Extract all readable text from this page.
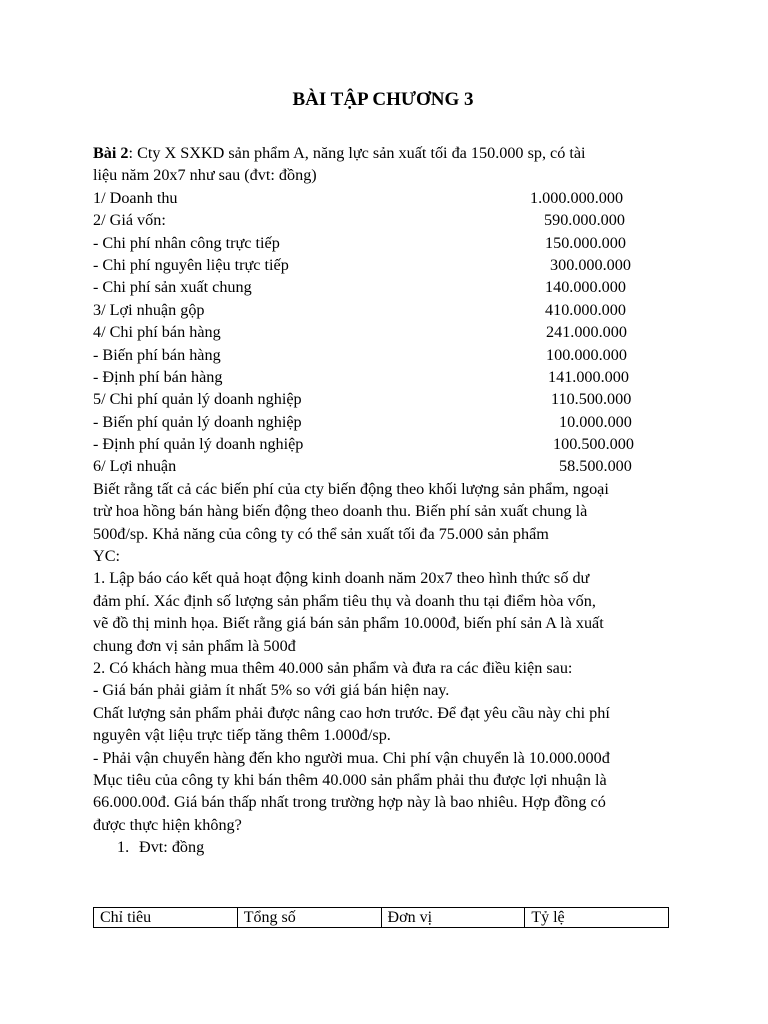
BÀI TẬP CHƯƠNG 3
Bài 2: Cty X SXKD sản phẩm A, năng lực sản xuất tối đa 150.000 sp, có tài
liệu năm 20x7 như sau (đvt: đồng)
1/ Doanh thu	1.000.000.000
2/ Giá vốn:	590.000.000
- Chi phí nhân công trực tiếp	150.000.000
- Chi phí nguyên liệu trực tiếp	300.000.000
- Chi phí sản xuất chung	140.000.000
3/ Lợi nhuận gộp	410.000.000
4/ Chi phí bán hàng	241.000.000
- Biến phí bán hàng	100.000.000
- Định phí bán hàng	141.000.000
5/ Chi phí quản lý doanh nghiệp	110.500.000
- Biến phí quản lý doanh nghiệp	10.000.000
- Định phí quản lý doanh nghiệp	100.500.000
6/ Lợi nhuận	58.500.000
Biết rằng tất cả các biến phí của cty biến động theo khối lượng sản phẩm, ngoại
trừ hoa hồng bán hàng biến động theo doanh thu. Biến phí sản xuất chung là
500đ/sp. Khả năng của công ty có thể sản xuất tối đa 75.000 sản phẩm
YC:
1. Lập báo cáo kết quả hoạt động kinh doanh năm 20x7 theo hình thức số dư
đảm phí. Xác định số lượng sản phẩm tiêu thụ và doanh thu tại điểm hòa vốn,
vẽ đồ thị minh họa. Biết rằng giá bán sản phẩm 10.000đ, biến phí sản A là xuất
chung đơn vị sản phẩm là 500đ
2. Có khách hàng mua thêm 40.000 sản phẩm và đưa ra các điều kiện sau:
- Giá bán phải giảm ít nhất 5% so với giá bán hiện nay.
Chất lượng sản phẩm phải được nâng cao hơn trước. Để đạt yêu cầu này chi phí
nguyên vật liệu trực tiếp tăng thêm 1.000đ/sp.
- Phải vận chuyển hàng đến kho người mua. Chi phí vận chuyển là 10.000.000đ
Mục tiêu của công ty khi bán thêm 40.000 sản phẩm phải thu được lợi nhuận là
66.000.00đ. Giá bán thấp nhất trong trường hợp này là bao nhiêu. Hợp đồng có
được thực hiện không?
1. Đvt: đồng
Chỉ tiêu	Tổng số	Đơn vị	Tỷ lệ
